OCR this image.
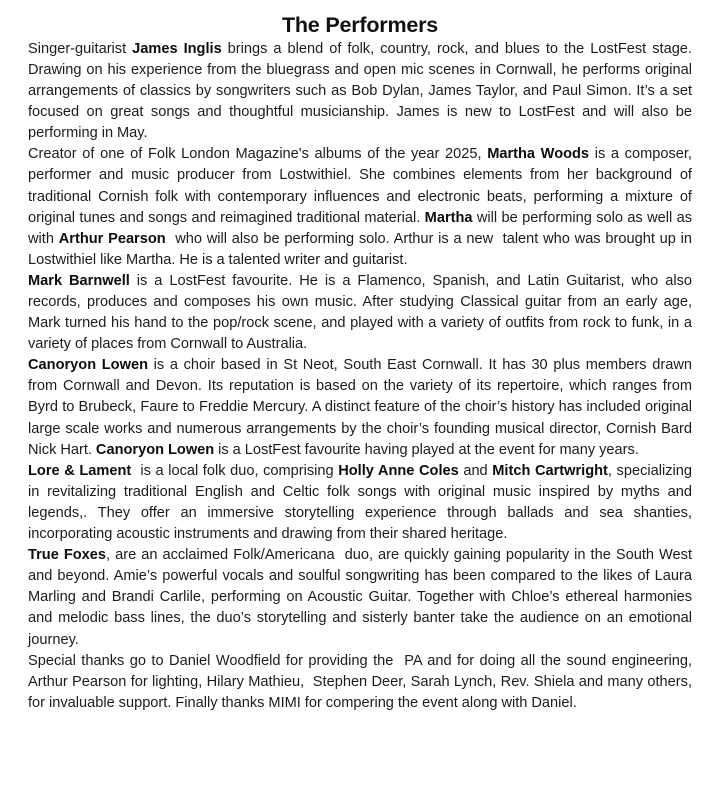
The Performers

Singer-guitarist James Inglis brings a blend of folk, country, rock, and blues to the LostFest stage. Drawing on his experience from the bluegrass and open mic scenes in Cornwall, he performs original arrangements of classics by songwriters such as Bob Dylan, James Taylor, and Paul Simon. It’s a set focused on great songs and thoughtful musicianship. James is new to LostFest and will also be performing in May.

Creator of one of Folk London Magazine's albums of the year 2025, Martha Woods is a composer, performer and music producer from Lostwithiel. She combines elements from her background of traditional Cornish folk with contemporary influences and electronic beats, performing a mixture of original tunes and songs and reimagined traditional material. Martha will be performing solo as well as with Arthur Pearson  who will also be performing solo. Arthur is a new  talent who was brought up in Lostwithiel like Martha. He is a talented writer and guitarist.

Mark Barnwell is a LostFest favourite. He is a Flamenco, Spanish, and Latin Guitarist, who also records, produces and composes his own music. After studying Classical guitar from an early age, Mark turned his hand to the pop/rock scene, and played with a variety of outfits from rock to funk, in a variety of places from Cornwall to Australia.

Canoryon Lowen is a choir based in St Neot, South East Cornwall. It has 30 plus members drawn from Cornwall and Devon. Its reputation is based on the variety of its repertoire, which ranges from Byrd to Brubeck, Faure to Freddie Mercury. A distinct feature of the choir’s history has included original large scale works and numerous arrangements by the choir’s founding musical director, Cornish Bard Nick Hart. Canoryon Lowen is a LostFest favourite having played at the event for many years.

Lore & Lament  is a local folk duo, comprising Holly Anne Coles and Mitch Cartwright, specializing in revitalizing traditional English and Celtic folk songs with original music inspired by myths and legends,. They offer an immersive storytelling experience through ballads and sea shanties, incorporating acoustic instruments and drawing from their shared heritage.

True Foxes, are an acclaimed Folk/Americana  duo, are quickly gaining popularity in the South West and beyond. Amie’s powerful vocals and soulful songwriting has been compared to the likes of Laura Marling and Brandi Carlile, performing on Acoustic Guitar. Together with Chloe’s ethereal harmonies and melodic bass lines, the duo’s storytelling and sisterly banter take the audience on an emotional journey.

Special thanks go to Daniel Woodfield for providing the  PA and for doing all the sound engineering, Arthur Pearson for lighting, Hilary Mathieu,  Stephen Deer, Sarah Lynch, Rev. Shiela and many others, for invaluable support. Finally thanks MIMI for compering the event along with Daniel.
